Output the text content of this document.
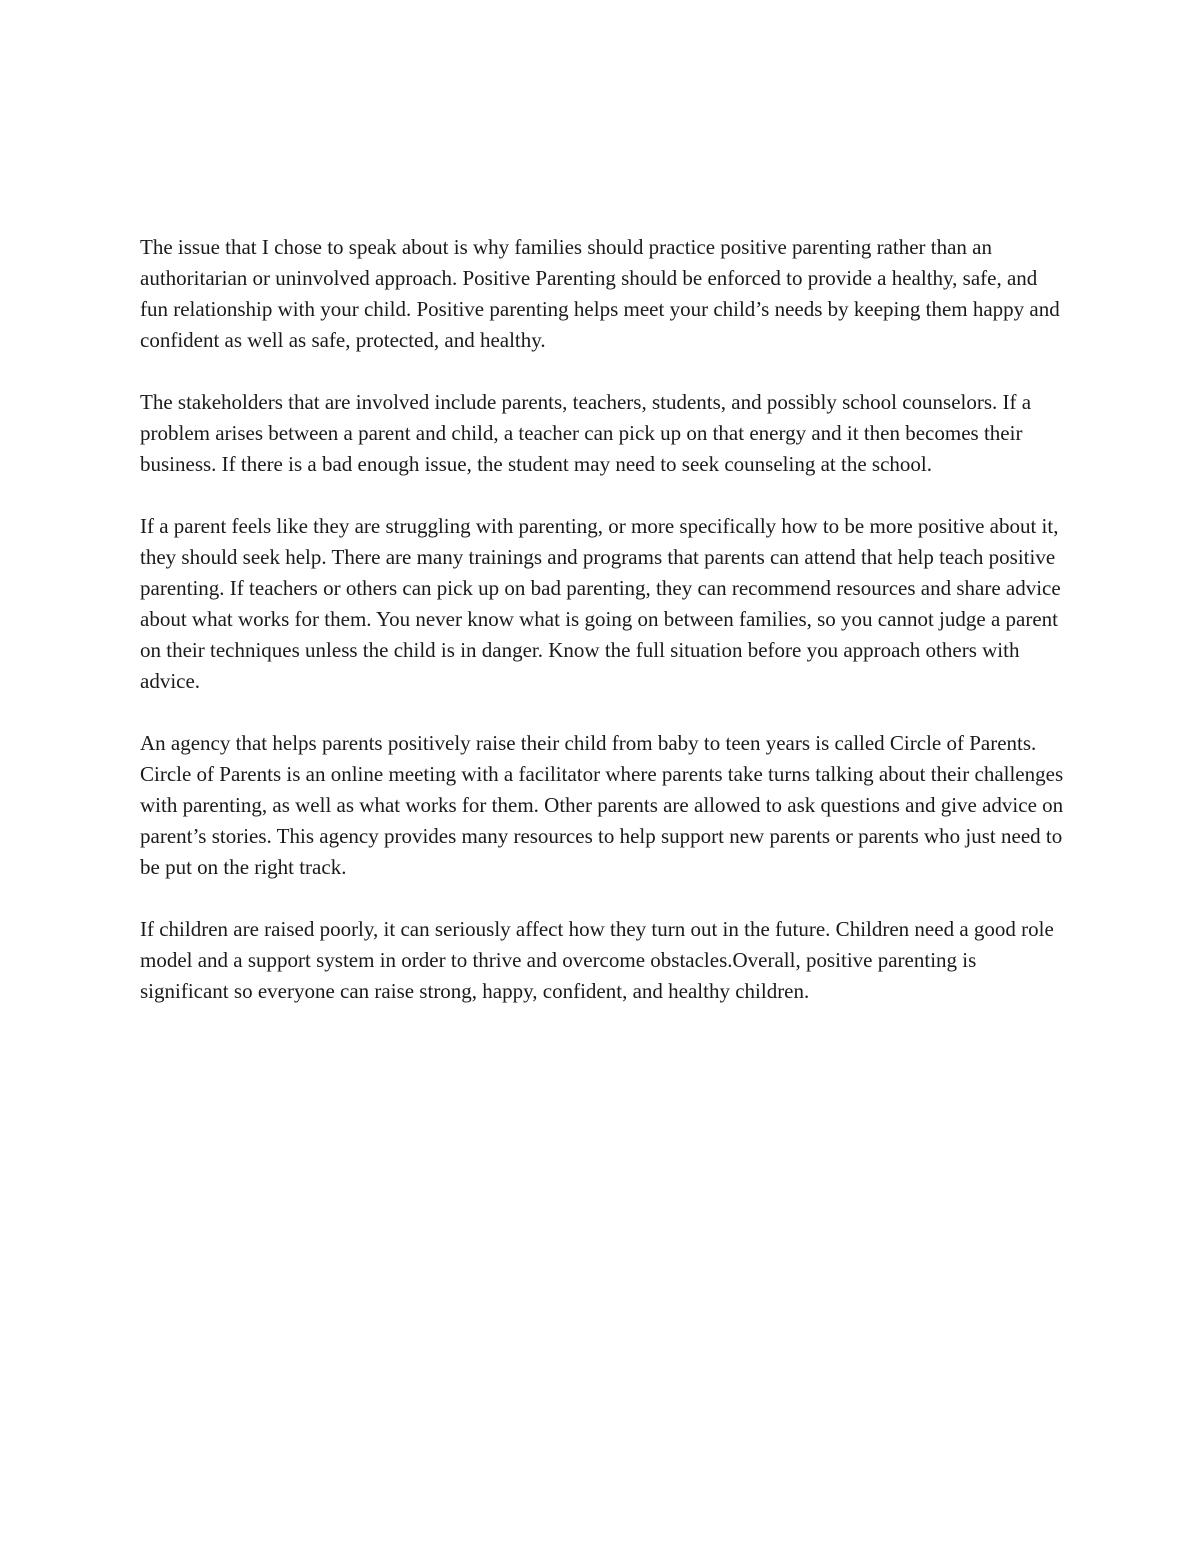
The issue that I chose to speak about is why families should practice positive parenting rather than an authoritarian or uninvolved approach. Positive Parenting should be enforced to provide a healthy, safe, and fun relationship with your child. Positive parenting helps meet your child’s needs by keeping them happy and confident as well as safe, protected, and healthy.

The stakeholders that are involved include parents, teachers, students, and possibly school counselors. If a problem arises between a parent and child, a teacher can pick up on that energy and it then becomes their business. If there is a bad enough issue, the student may need to seek counseling at the school.

If a parent feels like they are struggling with parenting, or more specifically how to be more positive about it, they should seek help. There are many trainings and programs that parents can attend that help teach positive parenting. If teachers or others can pick up on bad parenting, they can recommend resources and share advice about what works for them. You never know what is going on between families, so you cannot judge a parent on their techniques unless the child is in danger. Know the full situation before you approach others with advice.

An agency that helps parents positively raise their child from baby to teen years is called Circle of Parents. Circle of Parents is an online meeting with a facilitator where parents take turns talking about their challenges with parenting, as well as what works for them. Other parents are allowed to ask questions and give advice on parent’s stories. This agency provides many resources to help support new parents or parents who just need to be put on the right track.

If children are raised poorly, it can seriously affect how they turn out in the future. Children need a good role model and a support system in order to thrive and overcome obstacles.Overall, positive parenting is significant so everyone can raise strong, happy, confident, and healthy children.
